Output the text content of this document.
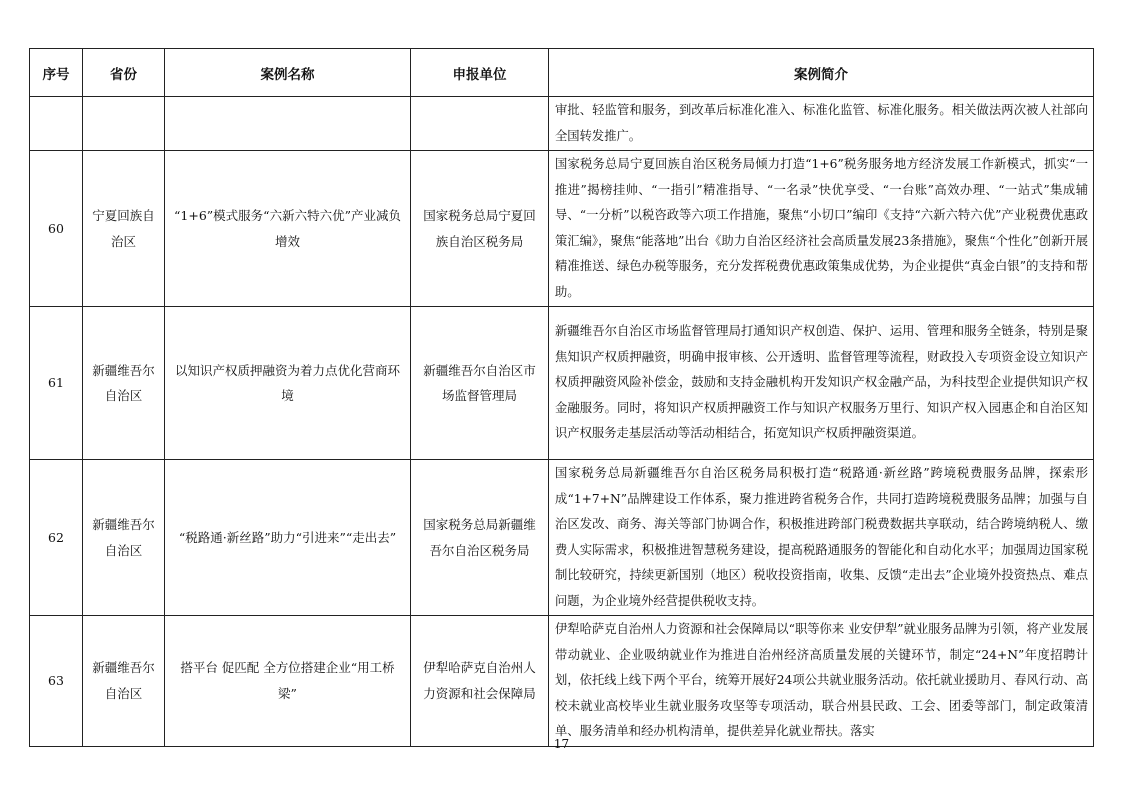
序号	省份	案例名称	申报单位	案例简介
				审批、轻监管和服务，到改革后标准化准入、标准化监管、标准化服务。相关做法两次被人社部向全国转发推广。
60	宁夏回族自治区	“1+6”模式服务“六新六特六优”产业减负增效	国家税务总局宁夏回族自治区税务局	国家税务总局宁夏回族自治区税务局倾力打造“1+6”税务服务地方经济发展工作新模式，抓实“一推进”揭榜挂帅、“一指引”精准指导、“一名录”快优享受、“一台账”高效办理、“一站式”集成辅导、“一分析”以税咨政等六项工作措施，聚焦“小切口”编印《支持“六新六特六优”产业税费优惠政策汇编》，聚焦“能落地”出台《助力自治区经济社会高质量发展23条措施》，聚焦“个性化”创新开展精准推送、绿色办税等服务，充分发挥税费优惠政策集成优势，为企业提供“真金白银”的支持和帮助。
61	新疆维吾尔自治区	以知识产权质押融资为着力点优化营商环境	新疆维吾尔自治区市场监督管理局	新疆维吾尔自治区市场监督管理局打通知识产权创造、保护、运用、管理和服务全链条，特别是聚焦知识产权质押融资，明确申报审核、公开透明、监督管理等流程，财政投入专项资金设立知识产权质押融资风险补偿金，鼓励和支持金融机构开发知识产权金融产品，为科技型企业提供知识产权金融服务。同时，将知识产权质押融资工作与知识产权服务万里行、知识产权入园惠企和自治区知识产权服务走基层活动等活动相结合，拓宽知识产权质押融资渠道。
62	新疆维吾尔自治区	“税路通·新丝路”助力“引进来”“走出去”	国家税务总局新疆维吾尔自治区税务局	国家税务总局新疆维吾尔自治区税务局积极打造“税路通·新丝路”跨境税费服务品牌，探索形成“1+7+N”品牌建设工作体系，聚力推进跨省税务合作，共同打造跨境税费服务品牌；加强与自治区发改、商务、海关等部门协调合作，积极推进跨部门税费数据共享联动，结合跨境纳税人、缴费人实际需求，积极推进智慧税务建设，提高税路通服务的智能化和自动化水平；加强周边国家税制比较研究，持续更新国别（地区）税收投资指南，收集、反馈“走出去”企业境外投资热点、难点问题，为企业境外经营提供税收支持。
63	新疆维吾尔自治区	搭平台 促匹配 全方位搭建企业“用工桥梁”	伊犁哈萨克自治州人力资源和社会保障局	伊犁哈萨克自治州人力资源和社会保障局以“职等你来 业安伊犁”就业服务品牌为引领，将产业发展带动就业、企业吸纳就业作为推进自治州经济高质量发展的关键环节，制定“24+N”年度招聘计划，依托线上线下两个平台，统筹开展好24项公共就业服务活动。依托就业援助月、春风行动、高校未就业高校毕业生就业服务攻坚等专项活动，联合州县民政、工会、团委等部门，制定政策清单、服务清单和经办机构清单，提供差异化就业帮扶。落实
17
